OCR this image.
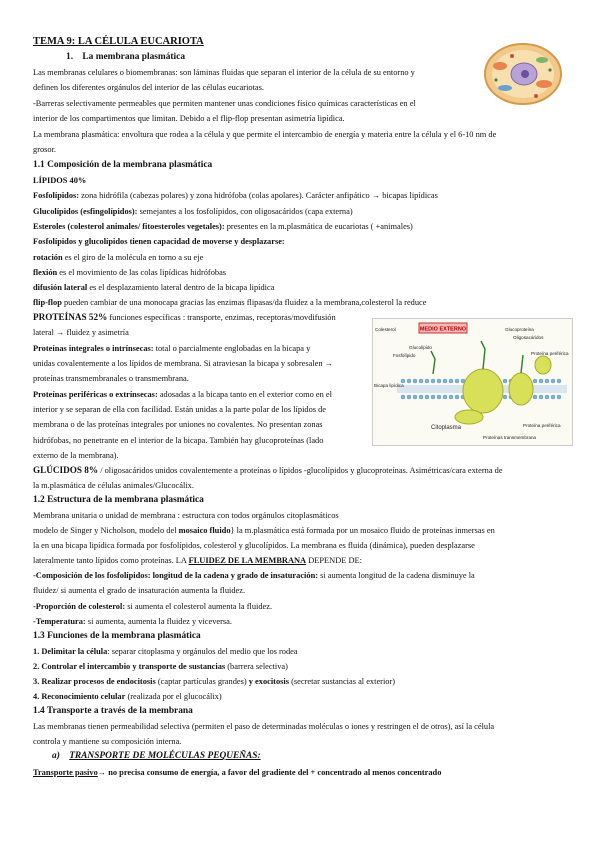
MEDIO EXTERNO
Glucolípido
Colesterol
Fosfolípido
Glucoproteína
Oligosacáridos
Proteína periférica
Bicapa lipídica
Citoplasma
Proteínas transmembrana
Proteína periférica
TEMA 9: LA CÉLULA EUCARIOTA
1. La membrana plasmática
Las membranas celulares o biomembranas: son láminas fluidas que separan el interior de la célula de su entorno y
definen los diferentes orgánulos del interior de las células eucariotas.
-Barreras selectivamente permeables que permiten mantener unas condiciones físico químicas características en el
interior de los compartimentos que limitan. Debido a el flip-flop presentan asimetría lipídica.
La membrana plasmática: envoltura que rodea a la célula y que permite el intercambio de energía y materia entre la célula y el 6-10 nm de
grosor.
1.1 Composición de la membrana plasmática
LÍPIDOS 40%
Fosfolípidos: zona hidrófila (cabezas polares) y zona hidrófoba (colas apolares). Carácter anfipático → bicapas lipídicas
Glucolípidos (esfingolípidos): semejantes a los fosfolípidos, con oligosacáridos (capa externa)
Esteroles (colesterol animales/ fitoesteroles vegetales): presentes en la m.plasmática de eucariotas ( +animales)
Fosfolípidos y glucolípidos tienen capacidad de moverse y desplazarse:
rotación es el giro de la molécula en torno a su eje
flexión es el movimiento de las colas lipídicas hidrófobas
difusión lateral es el desplazamiento lateral dentro de la bicapa lipídica
flip-flop pueden cambiar de una monocapa gracias las enzimas flipasas/da fluidez a la membrana,colesterol la reduce
PROTEÍNAS 52% funciones específicas : transporte, enzimas, receptoras/movdifusión
lateral → fluidez y asimetría
Proteínas integrales o intrínsecas: total o parcialmente englobadas en la bicapa y
unidas covalentemente a los lípidos de membrana. Si atraviesan la bicapa y sobresalen →
proteínas transmembranales o transmembrana.
Proteínas periféricas o extrínsecas: adosadas a la bicapa tanto en el exterior como en el
interior y se separan de ella con facilidad. Están unidas a la parte polar de los lípidos de
membrana o de las proteínas integrales por uniones no covalentes. No presentan zonas
hidrófobas, no penetrante en el interior de la bicapa. También hay glucoproteínas (lado
externo de la membrana).
GLÚCIDOS 8% / oligosacáridos unidos covalentemente a proteínas o lípidos -glucolípidos y glucoproteínas. Asimétricas/cara externa de
la m.plasmática de células animales/Glucocálix.
1.2 Estructura de la membrana plasmática
Membrana unitaria o unidad de membrana : estructura con todos orgánulos citoplasmáticos
modelo de Singer y Nicholson, modelo del mosaico fluido} la m.plasmática está formada por un mosaico fluido de proteínas inmersas en
la en una bicapa lipídica formada por fosfolípidos, colesterol y glucolípidos. La membrana es fluida (dinámica), pueden desplazarse
lateralmente tanto lípidos como proteínas. LA FLUIDEZ DE LA MEMBRANA DEPENDE DE:
-Composición de los fosfolípidos: longitud de la cadena y grado de insaturación: si aumenta longitud de la cadena disminuye la
fluidez/ si aumenta el grado de insaturación aumenta la fluidez.
-Proporción de colesterol: si aumenta el colesterol aumenta la fluidez.
-Temperatura: si aumenta, aumenta la fluidez y viceversa.
1.3 Funciones de la membrana plasmática
1. Delimitar la célula: separar citoplasma y orgánulos del medio que los rodea
2. Controlar el intercambio y transporte de sustancias (barrera selectiva)
3. Realizar procesos de endocitosis (captar partículas grandes) y exocitosis (secretar sustancias al exterior)
4. Reconocimiento celular (realizada por el glucocálix)
1.4 Transporte a través de la membrana
Las membranas tienen permeabilidad selectiva (permiten el paso de determinadas moléculas o iones y restringen el de otros), así la célula
controla y mantiene su composición interna.
a) TRANSPORTE DE MOLÉCULAS PEQUEÑAS:
Transporte pasivo→ no precisa consumo de energía, a favor del gradiente del + concentrado al menos concentrado
